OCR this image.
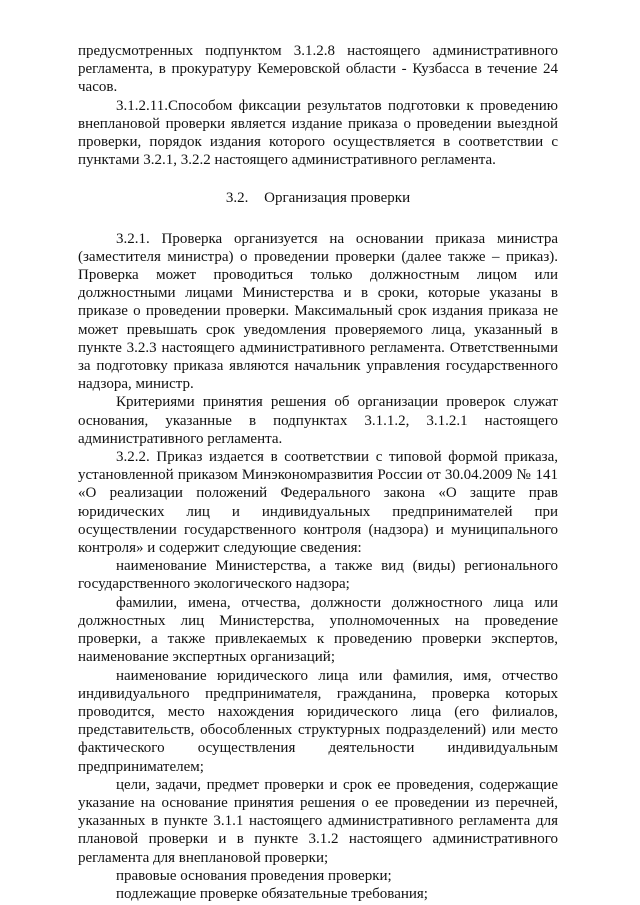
предусмотренных подпунктом 3.1.2.8 настоящего административного регламента, в прокуратуру Кемеровской области - Кузбасса в течение 24 часов.

3.1.2.11.Способом фиксации результатов подготовки к проведению внеплановой проверки является издание приказа о проведении выездной проверки, порядок издания которого осуществляется в соответствии с пунктами 3.2.1, 3.2.2 настоящего административного регламента.

3.2. Организация проверки

3.2.1. Проверка организуется на основании приказа министра (заместителя министра) о проведении проверки (далее также – приказ). Проверка может проводиться только должностным лицом или должностными лицами Министерства и в сроки, которые указаны в приказе о проведении проверки. Максимальный срок издания приказа не может превышать срок уведомления проверяемого лица, указанный в пункте 3.2.3 настоящего административного регламента. Ответственными за подготовку приказа являются начальник управления государственного надзора, министр.

Критериями принятия решения об организации проверок служат основания, указанные в подпунктах 3.1.1.2, 3.1.2.1 настоящего административного регламента.

3.2.2. Приказ издается в соответствии с типовой формой приказа, установленной приказом Минэкономразвития России от 30.04.2009 № 141 «О реализации положений Федерального закона «О защите прав юридических лиц и индивидуальных предпринимателей при осуществлении государственного контроля (надзора) и муниципального контроля» и содержит следующие сведения:

наименование Министерства, а также вид (виды) регионального государственного экологического надзора;

фамилии, имена, отчества, должности должностного лица или должностных лиц Министерства, уполномоченных на проведение проверки, а также привлекаемых к проведению проверки экспертов, наименование экспертных организаций;

наименование юридического лица или фамилия, имя, отчество индивидуального предпринимателя, гражданина, проверка которых проводится, место нахождения юридического лица (его филиалов, представительств, обособленных структурных подразделений) или место фактического осуществления деятельности индивидуальным предпринимателем;

цели, задачи, предмет проверки и срок ее проведения, содержащие указание на основание принятия решения о ее проведении из перечней, указанных в пункте 3.1.1 настоящего административного регламента для плановой проверки и в пункте 3.1.2 настоящего административного регламента для внеплановой проверки;

правовые основания проведения проверки;

подлежащие проверке обязательные требования;
